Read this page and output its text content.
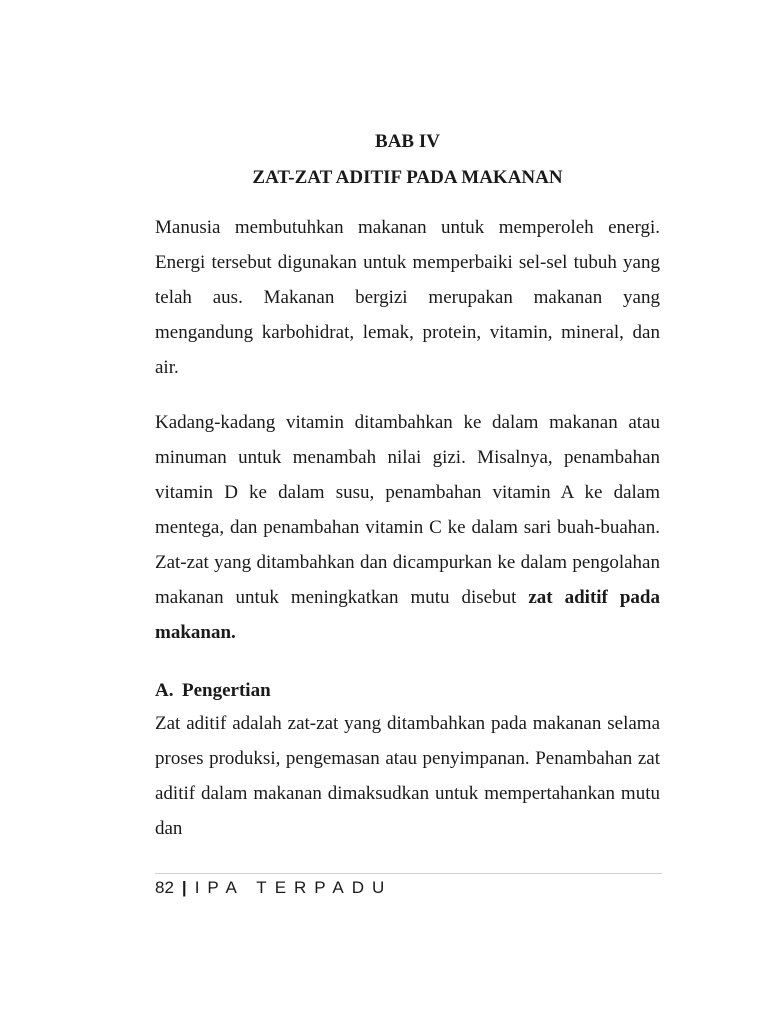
BAB IV
ZAT-ZAT ADITIF PADA MAKANAN

Manusia membutuhkan makanan untuk memperoleh energi. Energi tersebut digunakan untuk memperbaiki sel-sel tubuh yang telah aus. Makanan bergizi merupakan makanan yang mengandung karbohidrat, lemak, protein, vitamin, mineral, dan air.

Kadang-kadang vitamin ditambahkan ke dalam makanan atau minuman untuk menambah nilai gizi. Misalnya, penambahan vitamin D ke dalam susu, penambahan vitamin A ke dalam mentega, dan penambahan vitamin C ke dalam sari buah-buahan. Zat-zat yang ditambahkan dan dicampurkan ke dalam pengolahan makanan untuk meningkatkan mutu disebut zat aditif pada makanan.

A. Pengertian

Zat aditif adalah zat-zat yang ditambahkan pada makanan selama proses produksi, pengemasan atau penyimpanan. Penambahan zat aditif dalam makanan dimaksudkan untuk mempertahankan mutu dan

82 | IPA TERPADU
